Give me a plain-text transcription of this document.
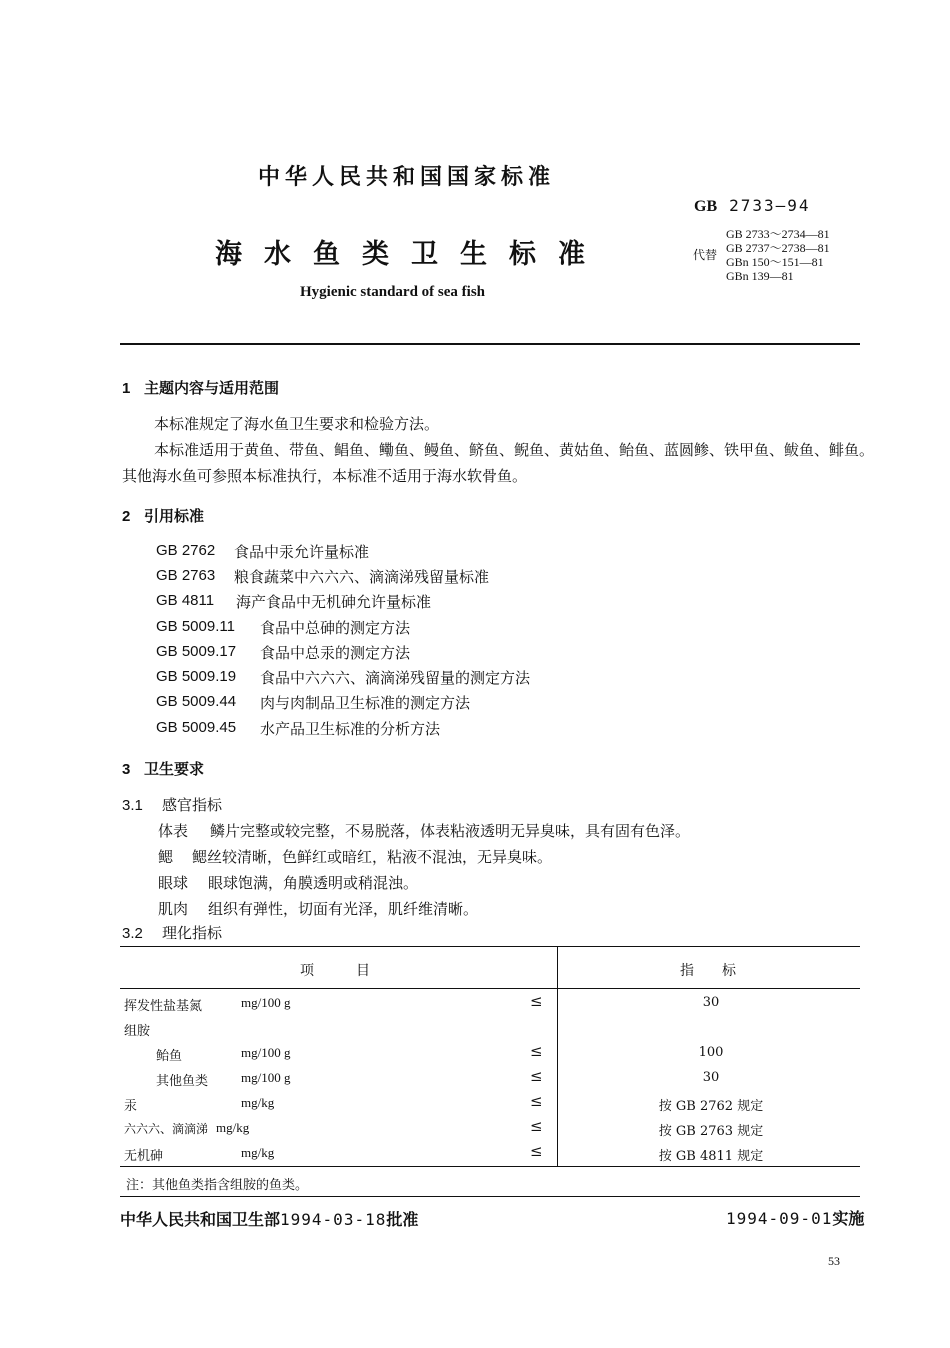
中华人民共和国国家标准
GB 2733—94
海水鱼类卫生标准	代替
GB 2733～2734—81
GB 2737～2738—81
GBn 150～151—81
GBn 139—81
Hygienic standard of sea fish
1 主题内容与适用范围
本标准规定了海水鱼卫生要求和检验方法。
本标准适用于黄鱼、带鱼、鲳鱼、鳓鱼、鳗鱼、鲚鱼、鲵鱼、黄姑鱼、鲐鱼、蓝圆鲹、铁甲鱼、鲅鱼、鲱鱼。
其他海水鱼可参照本标准执行，本标准不适用于海水软骨鱼。
2 引用标准
GB 2762 食品中汞允许量标准
GB 2763 粮食蔬菜中六六六、滴滴涕残留量标准
GB 4811 海产食品中无机砷允许量标准
GB 5009.11 食品中总砷的测定方法
GB 5009.17 食品中总汞的测定方法
GB 5009.19 食品中六六六、滴滴涕残留量的测定方法
GB 5009.44 肉与肉制品卫生标准的测定方法
GB 5009.45 水产品卫生标准的分析方法
3 卫生要求
3.1 感官指标
体表 鳞片完整或较完整，不易脱落，体表粘液透明无异臭味，具有固有色泽。
鳃 鳃丝较清晰，色鲜红或暗红，粘液不混浊，无异臭味。
眼球 眼球饱满，角膜透明或稍混浊。
肌肉 组织有弹性，切面有光泽，肌纤维清晰。
3.2 理化指标
项　　　目	指　　标
挥发性盐基氮	mg/100 g	≤	30
组胺
鲐鱼	mg/100 g	≤	100
其他鱼类	mg/100 g	≤	30
汞	mg/kg	≤	按 GB 2762 规定
六六六、滴滴涕 mg/kg	≤	按 GB 2763 规定
无机砷	mg/kg	≤	按 GB 4811 规定
注：其他鱼类指含组胺的鱼类。
中华人民共和国卫生部1994-03-18批准	1994-09-01实施
53
